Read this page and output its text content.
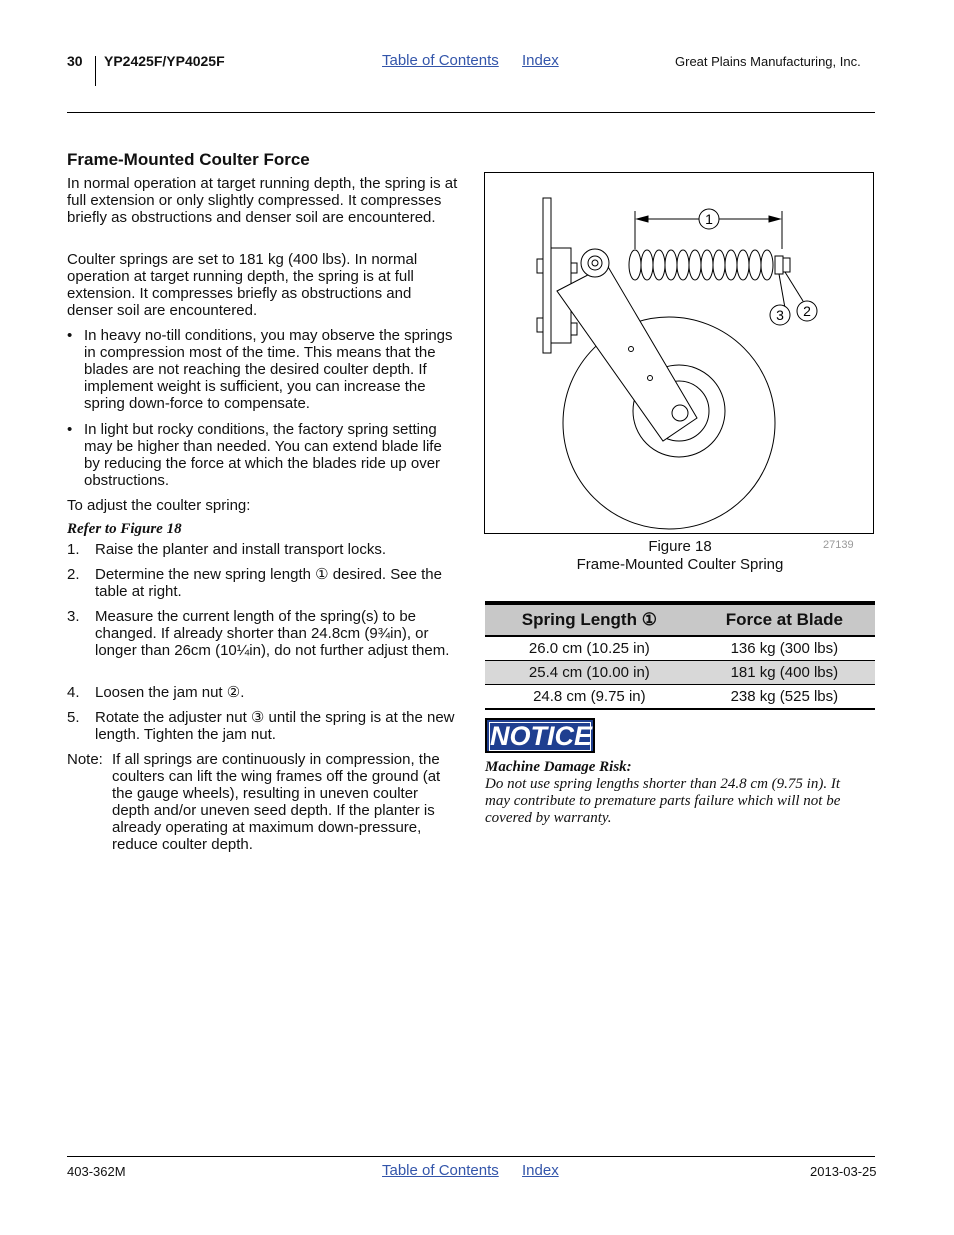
30 YP2425F/YP4025F	Table of Contents Index	Great Plains Manufacturing, Inc.
Frame-Mounted Coulter Force
In normal operation at target running depth, the spring is at full extension or only slightly compressed. It compresses briefly as obstructions and denser soil are encountered.
Coulter springs are set to 181 kg (400 lbs). In normal operation at target running depth, the spring is at full extension. It compresses briefly as obstructions and denser soil are encountered.
• In heavy no-till conditions, you may observe the springs in compression most of the time. This means that the blades are not reaching the desired coulter depth. If implement weight is sufficient, you can increase the spring down-force to compensate.
• In light but rocky conditions, the factory spring setting may be higher than needed. You can extend blade life by reducing the force at which the blades ride up over obstructions.
To adjust the coulter spring:
Refer to Figure 18
1. Raise the planter and install transport locks.
2. Determine the new spring length ① desired. See the table at right.
3. Measure the current length of the spring(s) to be changed. If already shorter than 24.8cm (9¾in), or longer than 26cm (10¼in), do not further adjust them.
4. Loosen the jam nut ②.
5. Rotate the adjuster nut ③ until the spring is at the new length. Tighten the jam nut.
Note: If all springs are continuously in compression, the coulters can lift the wing frames off the ground (at the gauge wheels), resulting in uneven coulter depth and/or uneven seed depth. If the planter is already operating at maximum down-pressure, reduce coulter depth.
1
2
3
Figure 18
Frame-Mounted Coulter Spring
27139
Spring Length ①	Force at Blade
26.0 cm (10.25 in)	136 kg (300 lbs)
25.4 cm (10.00 in)	181 kg (400 lbs)
24.8 cm (9.75 in)	238 kg (525 lbs)
NOTICE
Machine Damage Risk:
Do not use spring lengths shorter than 24.8 cm (9.75 in). It may contribute to premature parts failure which will not be covered by warranty.
403-362M	Table of Contents Index	2013-03-25
